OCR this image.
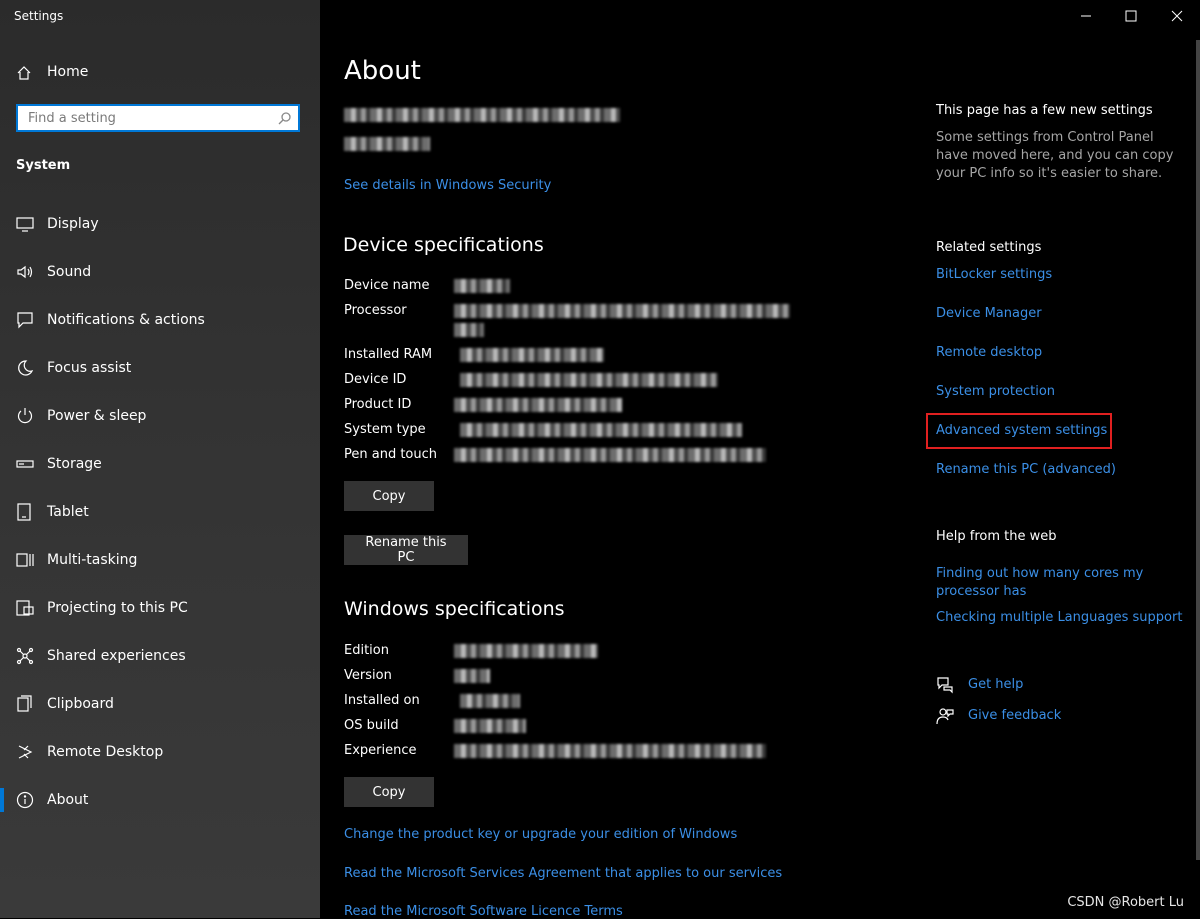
Settings
Home
Find a setting
System
Display
Sound
Notifications & actions
Focus assist
Power & sleep
Storage
Tablet
Multi-tasking
Projecting to this PC
Shared experiences
Clipboard
Remote Desktop
About
About
See details in Windows Security
Device specifications
Device name
Processor
Installed RAM
Device ID
Product ID
System type
Pen and touch
Copy
Rename this PC
Windows specifications
Edition
Version
Installed on
OS build
Experience
Copy
Change the product key or upgrade your edition of Windows
Read the Microsoft Services Agreement that applies to our services
Read the Microsoft Software Licence Terms
This page has a few new settings
Some settings from Control Panel have moved here, and you can copy your PC info so it's easier to share.
Related settings
BitLocker settings
Device Manager
Remote desktop
System protection
Advanced system settings
Rename this PC (advanced)
Help from the web
Finding out how many cores my processor has
Checking multiple Languages support
Get help
Give feedback
CSDN @Robert Lu
